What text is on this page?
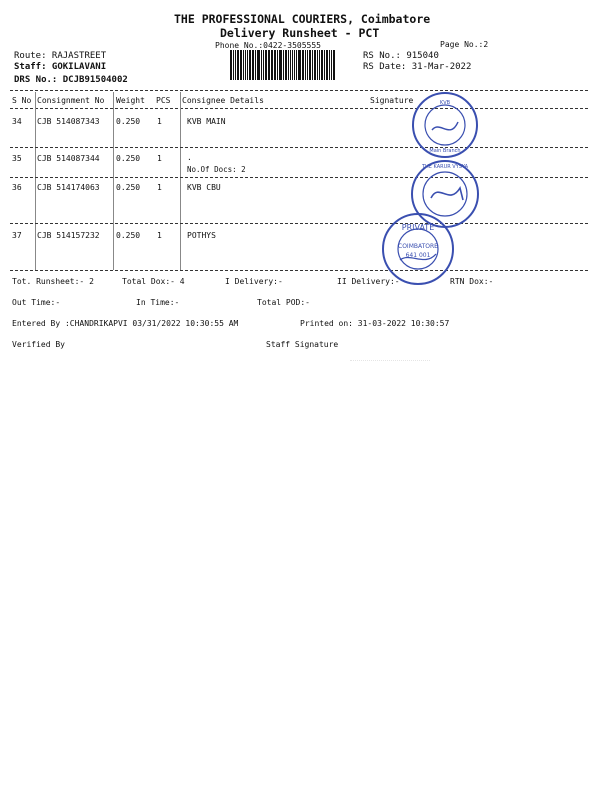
THE PROFESSIONAL COURIERS, Coimbatore
Delivery Runsheet - PCT
Phone No.:0422-3505555	Page No.:2
Route: RAJASTREET
Staff: GOKILAVANI
DRS No.: DCJB91504002
RS No.: 915040
RS Date: 31-Mar-2022
S No Consignment No Weight PCS Consignee Details	Signature
34 CJB 514087343 0.250 1	KVB MAIN
35 CJB 514087344 0.250 1	.
No.Of Docs: 2
36 CJB 514174063 0.250 1	KVB CBU
37 CJB 514157232 0.250 1	POTHYS
Tot. Runsheet:- 2	Total Dox:- 4	I Delivery:-	II Delivery:-	RTN Dox:-
Out Time:-	In Time:-	Total POD:-
Entered By :CHANDRIKAPVI 03/31/2022 10:30:55 AM	Printed on: 31-03-2022 10:30:57
Verified By	Staff Signature
KVB
Main Branch
THE KARUR VYSYA
PRIVATE
COIMBATORE
641 001
